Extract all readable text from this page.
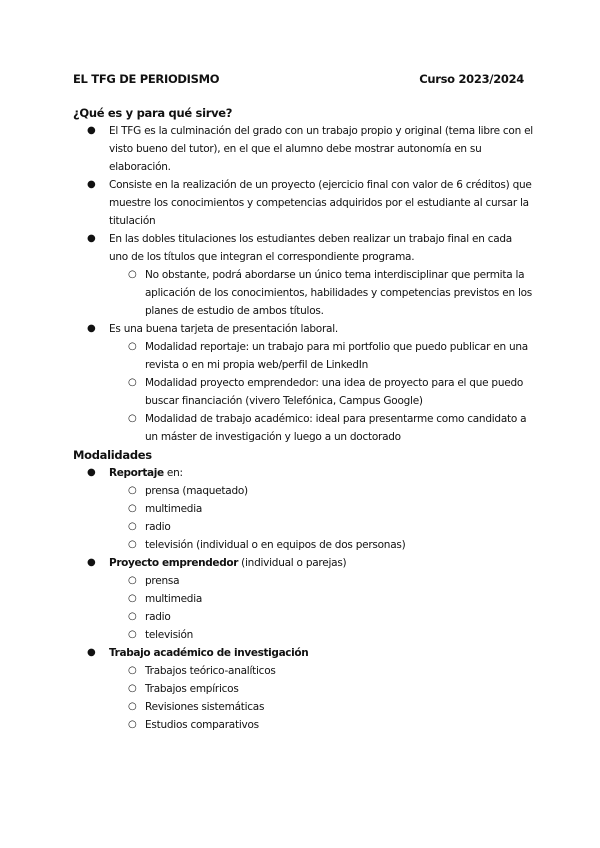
EL TFG DE PERIODISMO	Curso 2023/2024
¿Qué es y para qué sirve?
● El TFG es la culminación del grado con un trabajo propio y original (tema libre con el visto bueno del tutor), en el que el alumno debe mostrar autonomía en su elaboración.
● Consiste en la realización de un proyecto (ejercicio final con valor de 6 créditos) que muestre los conocimientos y competencias adquiridos por el estudiante al cursar la titulación
● En las dobles titulaciones los estudiantes deben realizar un trabajo final en cada uno de los títulos que integran el correspondiente programa.
○ No obstante, podrá abordarse un único tema interdisciplinar que permita la aplicación de los conocimientos, habilidades y competencias previstos en los planes de estudio de ambos títulos.
● Es una buena tarjeta de presentación laboral.
○ Modalidad reportaje: un trabajo para mi portfolio que puedo publicar en una revista o en mi propia web/perfil de LinkedIn
○ Modalidad proyecto emprendedor: una idea de proyecto para el que puedo buscar financiación (vivero Telefónica, Campus Google)
○ Modalidad de trabajo académico: ideal para presentarme como candidato a un máster de investigación y luego a un doctorado
Modalidades
● Reportaje en:
○ prensa (maquetado)
○ multimedia
○ radio
○ televisión (individual o en equipos de dos personas)
● Proyecto emprendedor (individual o parejas)
○ prensa
○ multimedia
○ radio
○ televisión
● Trabajo académico de investigación
○ Trabajos teórico-analíticos
○ Trabajos empíricos
○ Revisiones sistemáticas
○ Estudios comparativos
